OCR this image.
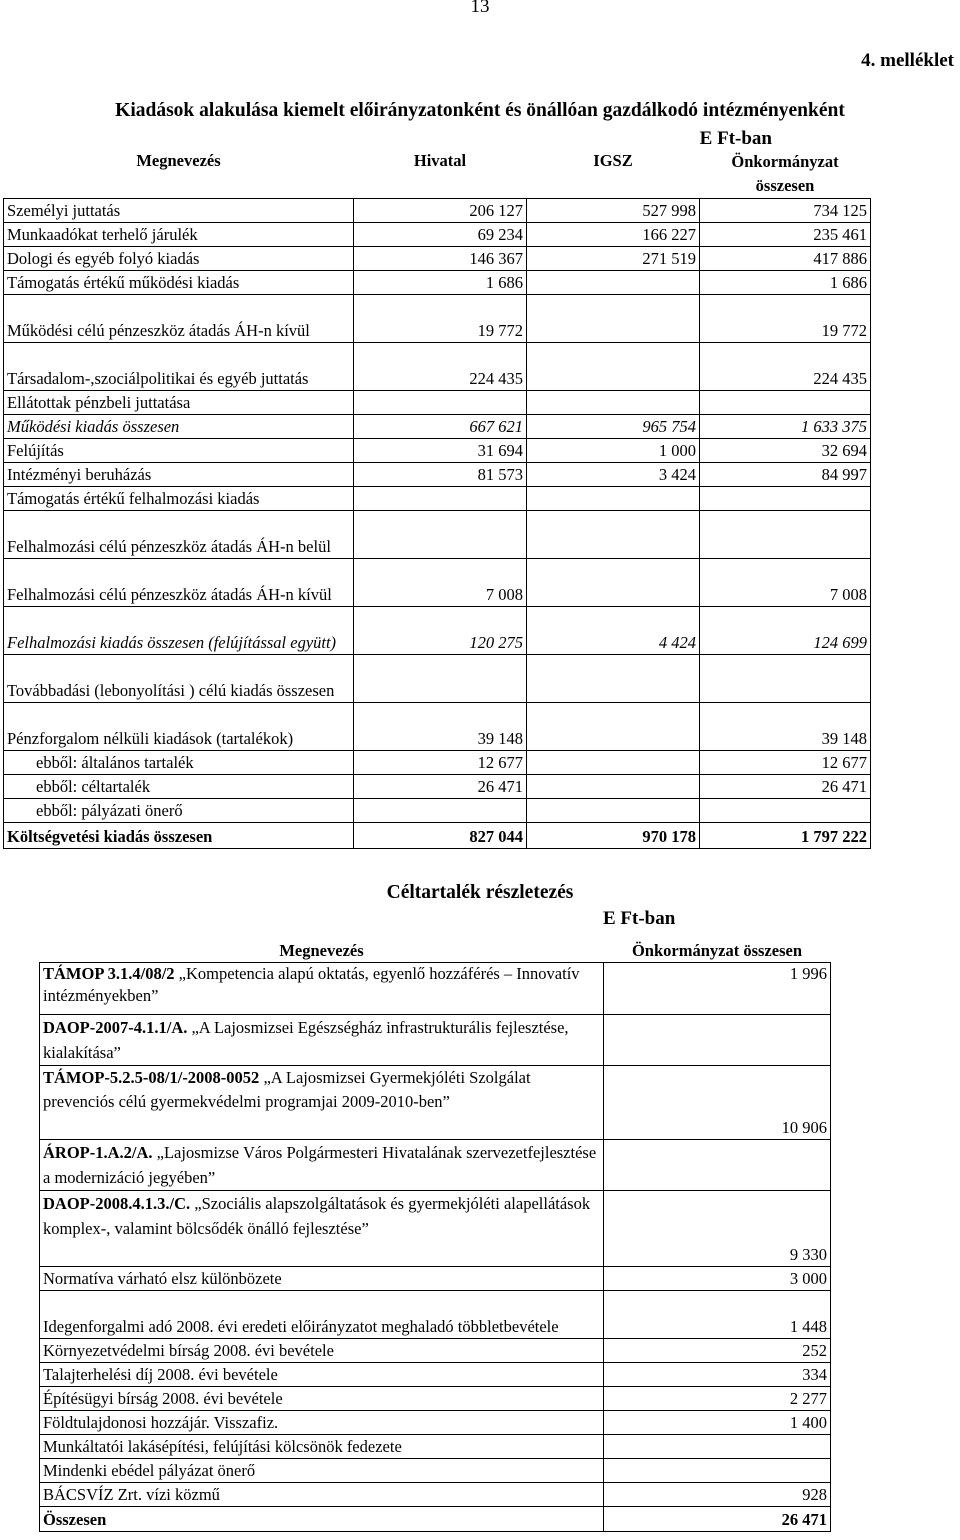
13
4. melléklet
Kiadások alakulása kiemelt előirányzatonként és önállóan gazdálkodó intézményenként
E Ft-ban
Megnevezés	Hivatal	IGSZ	Önkormányzat összesen
Személyi juttatás	206 127	527 998	734 125
Munkaadókat terhelő járulék	69 234	166 227	235 461
Dologi és egyéb folyó kiadás	146 367	271 519	417 886
Támogatás értékű működési kiadás	1 686		1 686
Működési célú pénzeszköz átadás ÁH-n kívül	19 772		19 772
Társadalom-,szociálpolitikai és egyéb juttatás	224 435		224 435
Ellátottak pénzbeli juttatása			
Működési kiadás összesen	667 621	965 754	1 633 375
Felújítás	31 694	1 000	32 694
Intézményi beruházás	81 573	3 424	84 997
Támogatás értékű felhalmozási kiadás			
Felhalmozási célú pénzeszköz átadás ÁH-n belül			
Felhalmozási célú pénzeszköz átadás ÁH-n kívül	7 008		7 008
Felhalmozási kiadás összesen (felújítással együtt)	120 275	4 424	124 699
Továbbadási (lebonyolítási ) célú kiadás összesen			
Pénzforgalom nélküli kiadások (tartalékok)	39 148		39 148
ebből: általános tartalék	12 677		12 677
ebből: céltartalék	26 471		26 471
ebből: pályázati önerő			
Költségvetési kiadás összesen	827 044	970 178	1 797 222
Céltartalék részletezés
E Ft-ban
Megnevezés	Önkormányzat összesen
TÁMOP 3.1.4/08/2 „Kompetencia alapú oktatás, egyenlő hozzáférés – Innovatív intézményekben”	1 996
DAOP-2007-4.1.1/A. „A Lajosmizsei Egészségház infrastrukturális fejlesztése, kialakítása”	
TÁMOP-5.2.5-08/1/-2008-0052 „A Lajosmizsei Gyermekjóléti Szolgálat prevenciós célú gyermekvédelmi programjai 2009-2010-ben”	10 906
ÁROP-1.A.2/A. „Lajosmizse Város Polgármesteri Hivatalának szervezetfejlesztése a modernizáció jegyében”	
DAOP-2008.4.1.3./C. „Szociális alapszolgáltatások és gyermekjóléti alapellátások komplex-, valamint bölcsődék önálló fejlesztése”	9 330
Normatíva várható elsz különbözete	3 000
Idegenforgalmi adó 2008. évi eredeti előirányzatot meghaladó többletbevétele	1 448
Környezetvédelmi bírság 2008. évi bevétele	252
Talajterhelési díj 2008. évi bevétele	334
Építésügyi bírság 2008. évi bevétele	2 277
Földtulajdonosi hozzájár. Visszafiz.	1 400
Munkáltatói lakásépítési, felújítási kölcsönök fedezete	
Mindenki ebédel pályázat önerő	
BÁCSVÍZ Zrt. vízi közmű	928
Összesen	26 471
